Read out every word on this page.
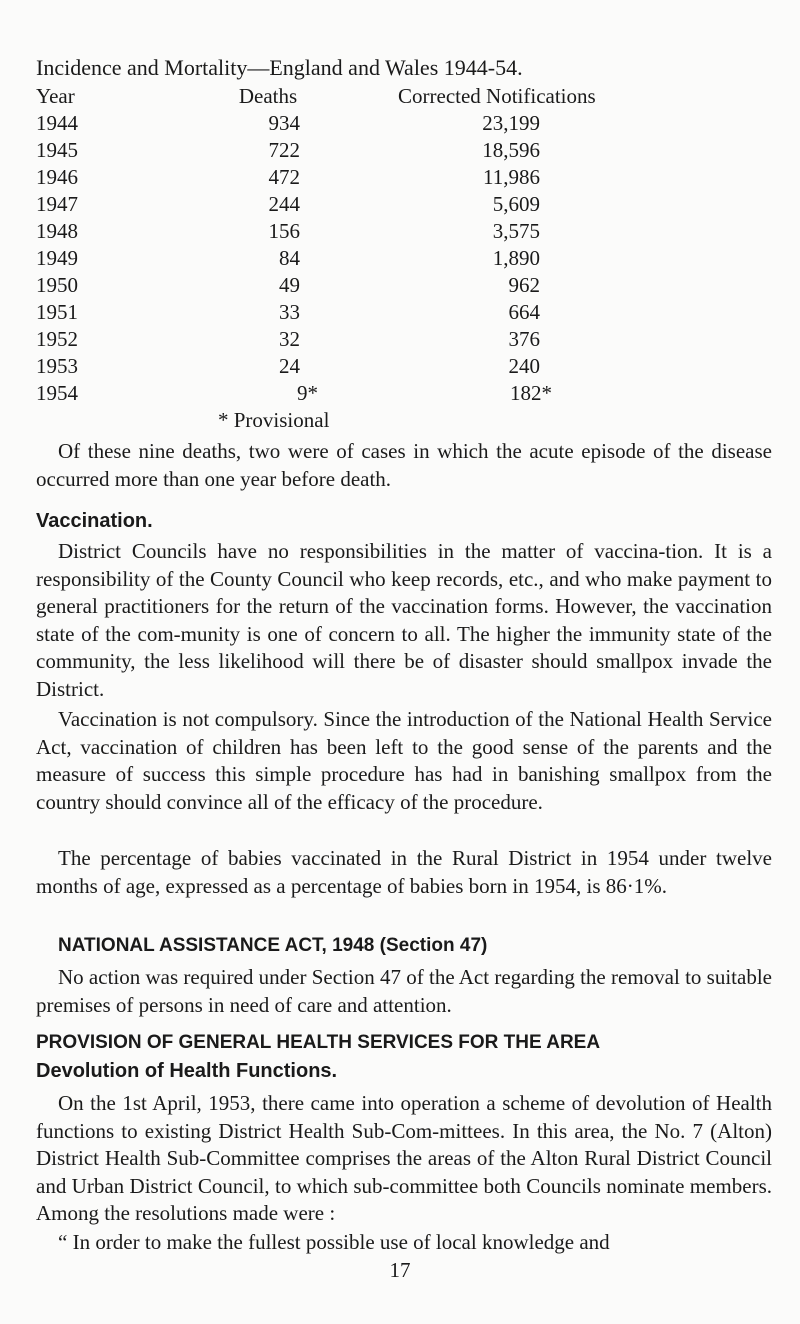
Incidence and Mortality—England and Wales 1944-54.
Year	Deaths	Corrected Notifications
1944	934	23,199
1945	722	18,596
1946	472	11,986
1947	244	5,609
1948	156	3,575
1949	84	1,890
1950	49	962
1951	33	664
1952	32	376
1953	24	240
1954	9*	182*
* Provisional

Of these nine deaths, two were of cases in which the acute episode of the disease occurred more than one year before death.

Vaccination.

District Councils have no responsibilities in the matter of vaccina-tion. It is a responsibility of the County Council who keep records, etc., and who make payment to general practitioners for the return of the vaccination forms. However, the vaccination state of the com-munity is one of concern to all. The higher the immunity state of the community, the less likelihood will there be of disaster should smallpox invade the District.

Vaccination is not compulsory. Since the introduction of the National Health Service Act, vaccination of children has been left to the good sense of the parents and the measure of success this simple procedure has had in banishing smallpox from the country should convince all of the efficacy of the procedure.

The percentage of babies vaccinated in the Rural District in 1954 under twelve months of age, expressed as a percentage of babies born in 1954, is 86·1%.

NATIONAL ASSISTANCE ACT, 1948 (Section 47)

No action was required under Section 47 of the Act regarding the removal to suitable premises of persons in need of care and attention.

PROVISION OF GENERAL HEALTH SERVICES FOR THE AREA
Devolution of Health Functions.

On the 1st April, 1953, there came into operation a scheme of devolution of Health functions to existing District Health Sub-Com-mittees. In this area, the No. 7 (Alton) District Health Sub-Committee comprises the areas of the Alton Rural District Council and Urban District Council, to which sub-committee both Councils nominate members. Among the resolutions made were :

“ In order to make the fullest possible use of local knowledge and

17
